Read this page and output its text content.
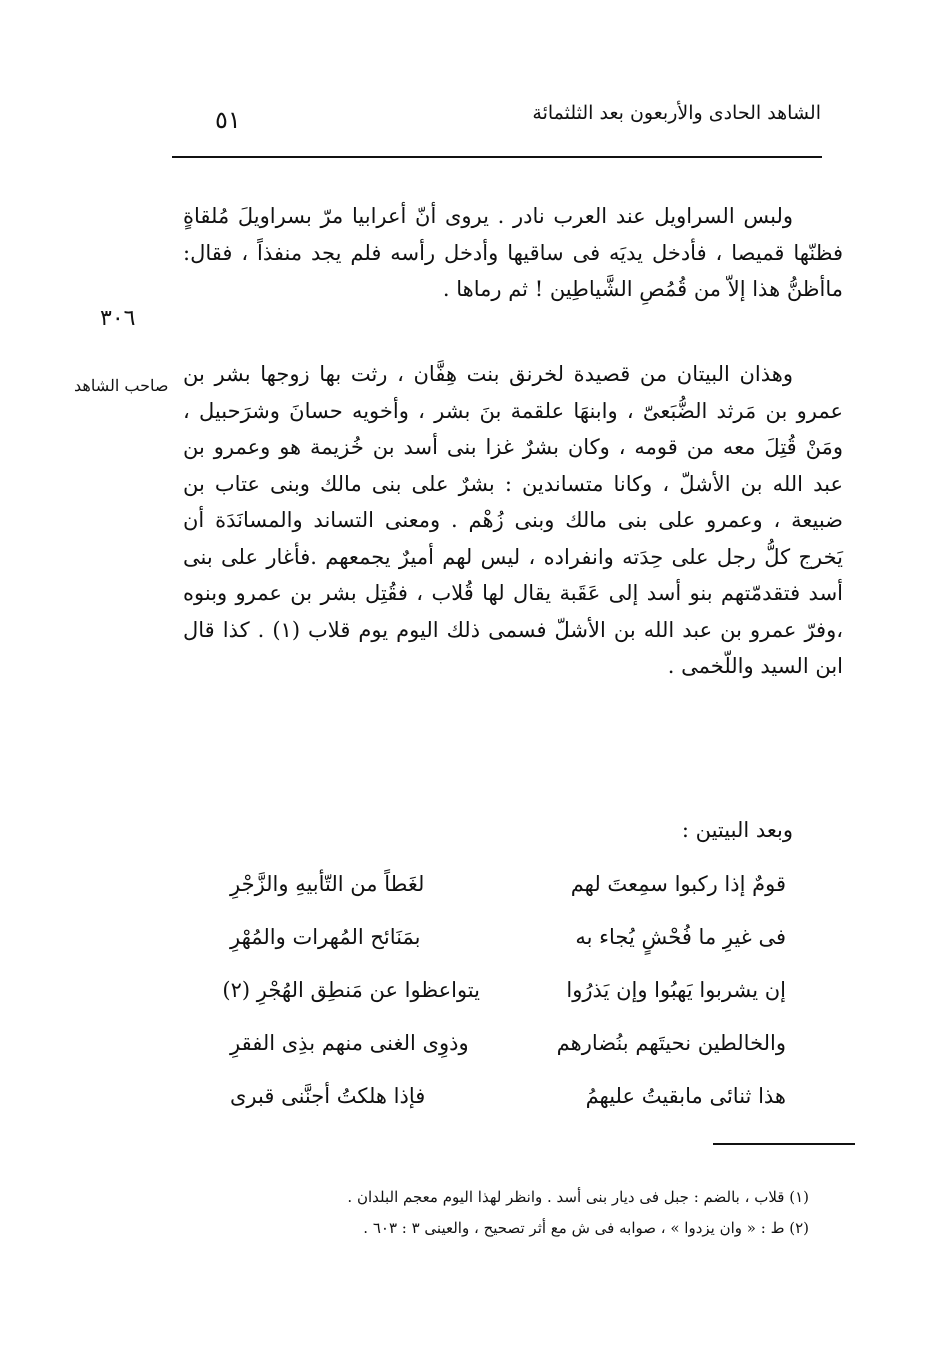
الشاهد الحادى والأربعون بعد الثلثمائة
٥١

ولبس السراويل عند العرب نادر . يروى أنّ أعرابيا مرّ بسراويلَ مُلقاةٍ فظنّها قميصا ، فأدخل يديَه فى ساقيها وأدخل رأسه فلم يجد منفذاً ، فقال: ماأظنُّ هذا إلاّ من قُمُصِ الشَّياطِين ! ثم رماها .

٣٠٦
صاحب الشاهد وهذان البيتان من قصيدة لخرنق بنت هِفَّان ، رثت بها زوجها بشر بن عمرو بن مَرثد الضُّبَعىّ ، وابنهَا علقمة بنَ بشر ، وأخويه حسانَ وشرَحبيل ، ومَنْ قُتِلَ معه من قومه ، وكان بشرٌ غزا بنى أسد بن خُزيمة هو وعمرو بن عبد الله بن الأشلّ ، وكانا متساندين : بشرٌ على بنى مالك وبنى عتاب بن ضبيعة ، وعمرو على بنى مالك وبنى زُهْم . ومعنى التساند والمسانَدَة أن يَخرج كلُّ رجل على حِدَته وانفراده ، ليس لهم أميرٌ يجمعهم .فأغار على بنى أسد فتقدمّتهم بنو أسد إلى عَقَبة يقال لها قُلاب ، فقُتِل بشر بن عمرو وبنوه ،وفرّ عمرو بن عبد الله بن الأشلّ فسمى ذلك اليوم يوم قلاب (١) . كذا قال ابن السيد واللّخمى .

وبعد البيتين :

قومٌ إذا ركبوا سمِعتَ لهم
لغَطاً من التّأبيهِ والزَّجْرِ
فى غيرِ ما فُحْشٍ يُجاء به
بمَنَائح المُهرات والمُهْرِ
إن يشربوا يَهبُوا وإن يَذرُوا
يتواعظوا عن مَنطِق الهُجْرِ (٢)
والخالطين نحيتَهم بنُضارهم
وذوِى الغنى منهم بذِى الفقرِ
هذا ثنائى مابقيتُ عليهمُ
فإذا هلكتُ أجنَّنى قبرى
(١) قلاب ، بالضم : جبل فى ديار بنى أسد . وانظر لهذا اليوم معجم البلدان .
(٢) ط : « وان يزدوا » ، صوابه فى ش مع أثر تصحيح ، والعينى ٣ : ٦٠٣ .
